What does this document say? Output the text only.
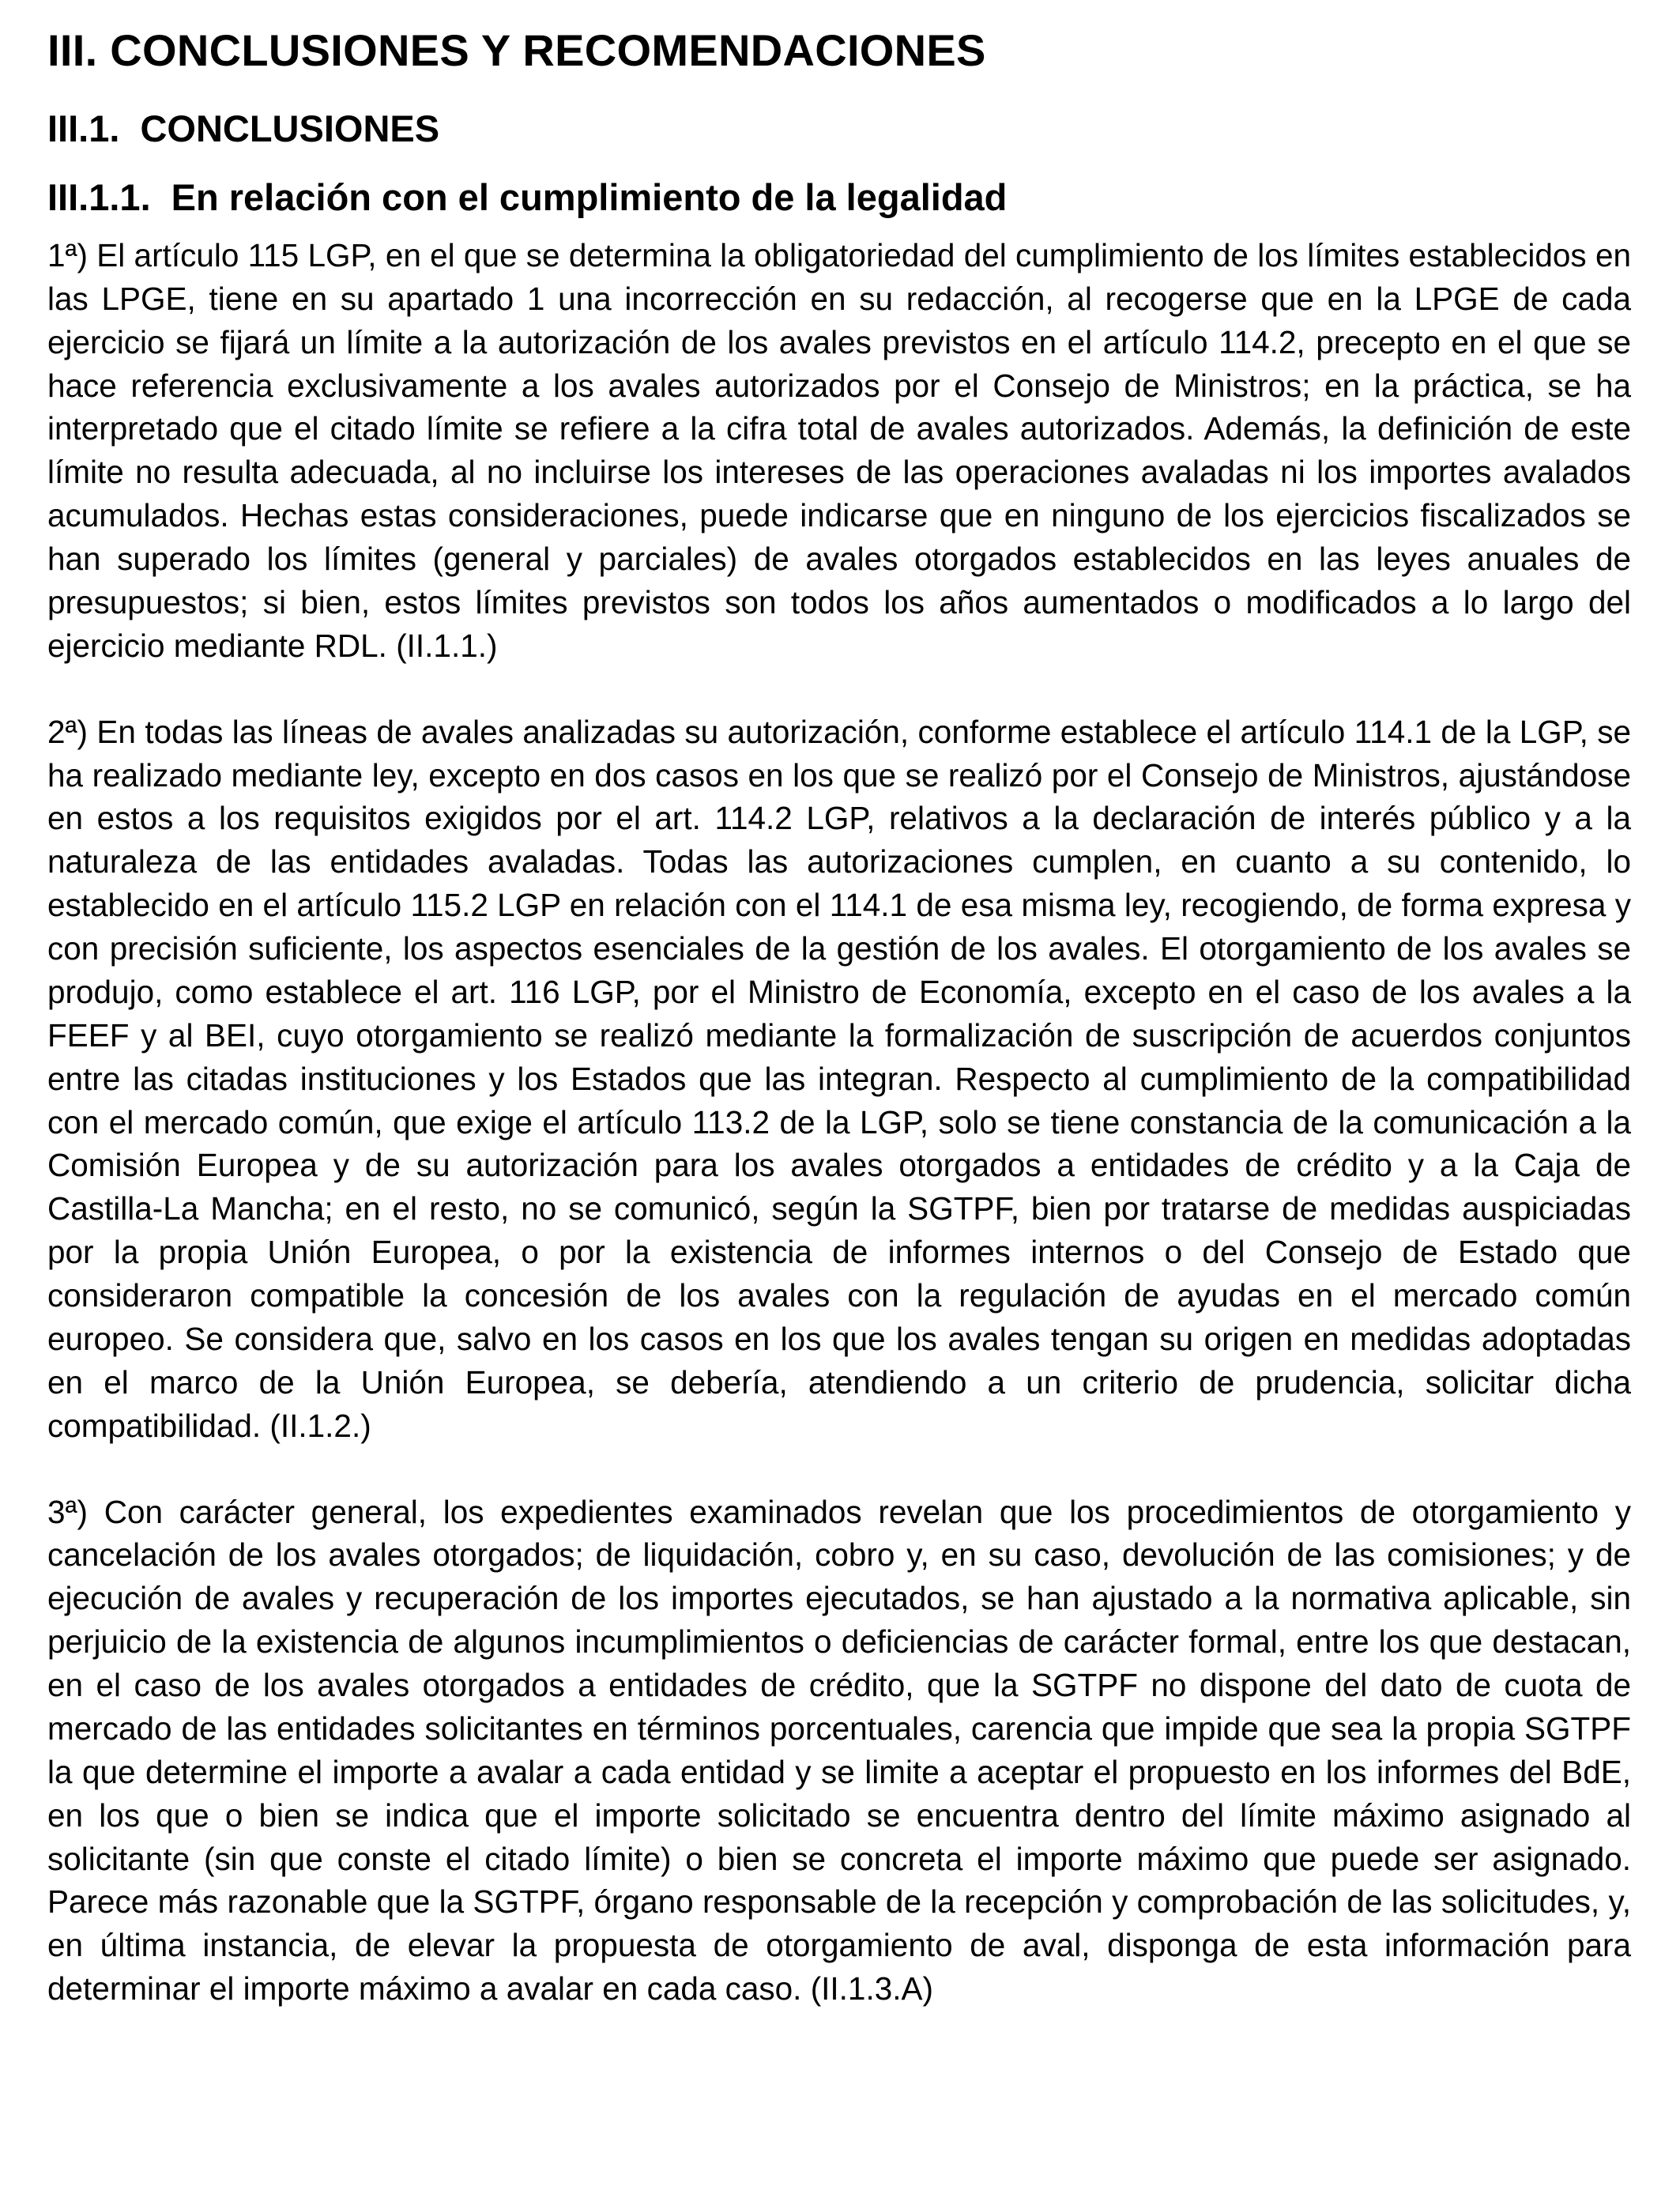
III. CONCLUSIONES Y RECOMENDACIONES
III.1. CONCLUSIONES
III.1.1. En relación con el cumplimiento de la legalidad

1ª) El artículo 115 LGP, en el que se determina la obligatoriedad del cumplimiento de los límites establecidos en las LPGE, tiene en su apartado 1 una incorrección en su redacción, al recogerse que en la LPGE de cada ejercicio se fijará un límite a la autorización de los avales previstos en el artículo 114.2, precepto en el que se hace referencia exclusivamente a los avales autorizados por el Consejo de Ministros; en la práctica, se ha interpretado que el citado límite se refiere a la cifra total de avales autorizados. Además, la definición de este límite no resulta adecuada, al no incluirse los intereses de las operaciones avaladas ni los importes avalados acumulados. Hechas estas consideraciones, puede indicarse que en ninguno de los ejercicios fiscalizados se han superado los límites (general y parciales) de avales otorgados establecidos en las leyes anuales de presupuestos; si bien, estos límites previstos son todos los años aumentados o modificados a lo largo del ejercicio mediante RDL. (II.1.1.)

2ª) En todas las líneas de avales analizadas su autorización, conforme establece el artículo 114.1 de la LGP, se ha realizado mediante ley, excepto en dos casos en los que se realizó por el Consejo de Ministros, ajustándose en estos a los requisitos exigidos por el art. 114.2 LGP, relativos a la declaración de interés público y a la naturaleza de las entidades avaladas. Todas las autorizaciones cumplen, en cuanto a su contenido, lo establecido en el artículo 115.2 LGP en relación con el 114.1 de esa misma ley, recogiendo, de forma expresa y con precisión suficiente, los aspectos esenciales de la gestión de los avales. El otorgamiento de los avales se produjo, como establece el art. 116 LGP, por el Ministro de Economía, excepto en el caso de los avales a la FEEF y al BEI, cuyo otorgamiento se realizó mediante la formalización de suscripción de acuerdos conjuntos entre las citadas instituciones y los Estados que las integran. Respecto al cumplimiento de la compatibilidad con el mercado común, que exige el artículo 113.2 de la LGP, solo se tiene constancia de la comunicación a la Comisión Europea y de su autorización para los avales otorgados a entidades de crédito y a la Caja de Castilla-La Mancha; en el resto, no se comunicó, según la SGTPF, bien por tratarse de medidas auspiciadas por la propia Unión Europea, o por la existencia de informes internos o del Consejo de Estado que consideraron compatible la concesión de los avales con la regulación de ayudas en el mercado común europeo. Se considera que, salvo en los casos en los que los avales tengan su origen en medidas adoptadas en el marco de la Unión Europea, se debería, atendiendo a un criterio de prudencia, solicitar dicha compatibilidad. (II.1.2.)

3ª) Con carácter general, los expedientes examinados revelan que los procedimientos de otorgamiento y cancelación de los avales otorgados; de liquidación, cobro y, en su caso, devolución de las comisiones; y de ejecución de avales y recuperación de los importes ejecutados, se han ajustado a la normativa aplicable, sin perjuicio de la existencia de algunos incumplimientos o deficiencias de carácter formal, entre los que destacan, en el caso de los avales otorgados a entidades de crédito, que la SGTPF no dispone del dato de cuota de mercado de las entidades solicitantes en términos porcentuales, carencia que impide que sea la propia SGTPF la que determine el importe a avalar a cada entidad y se limite a aceptar el propuesto en los informes del BdE, en los que o bien se indica que el importe solicitado se encuentra dentro del límite máximo asignado al solicitante (sin que conste el citado límite) o bien se concreta el importe máximo que puede ser asignado. Parece más razonable que la SGTPF, órgano responsable de la recepción y comprobación de las solicitudes, y, en última instancia, de elevar la propuesta de otorgamiento de aval, disponga de esta información para determinar el importe máximo a avalar en cada caso. (II.1.3.A)
